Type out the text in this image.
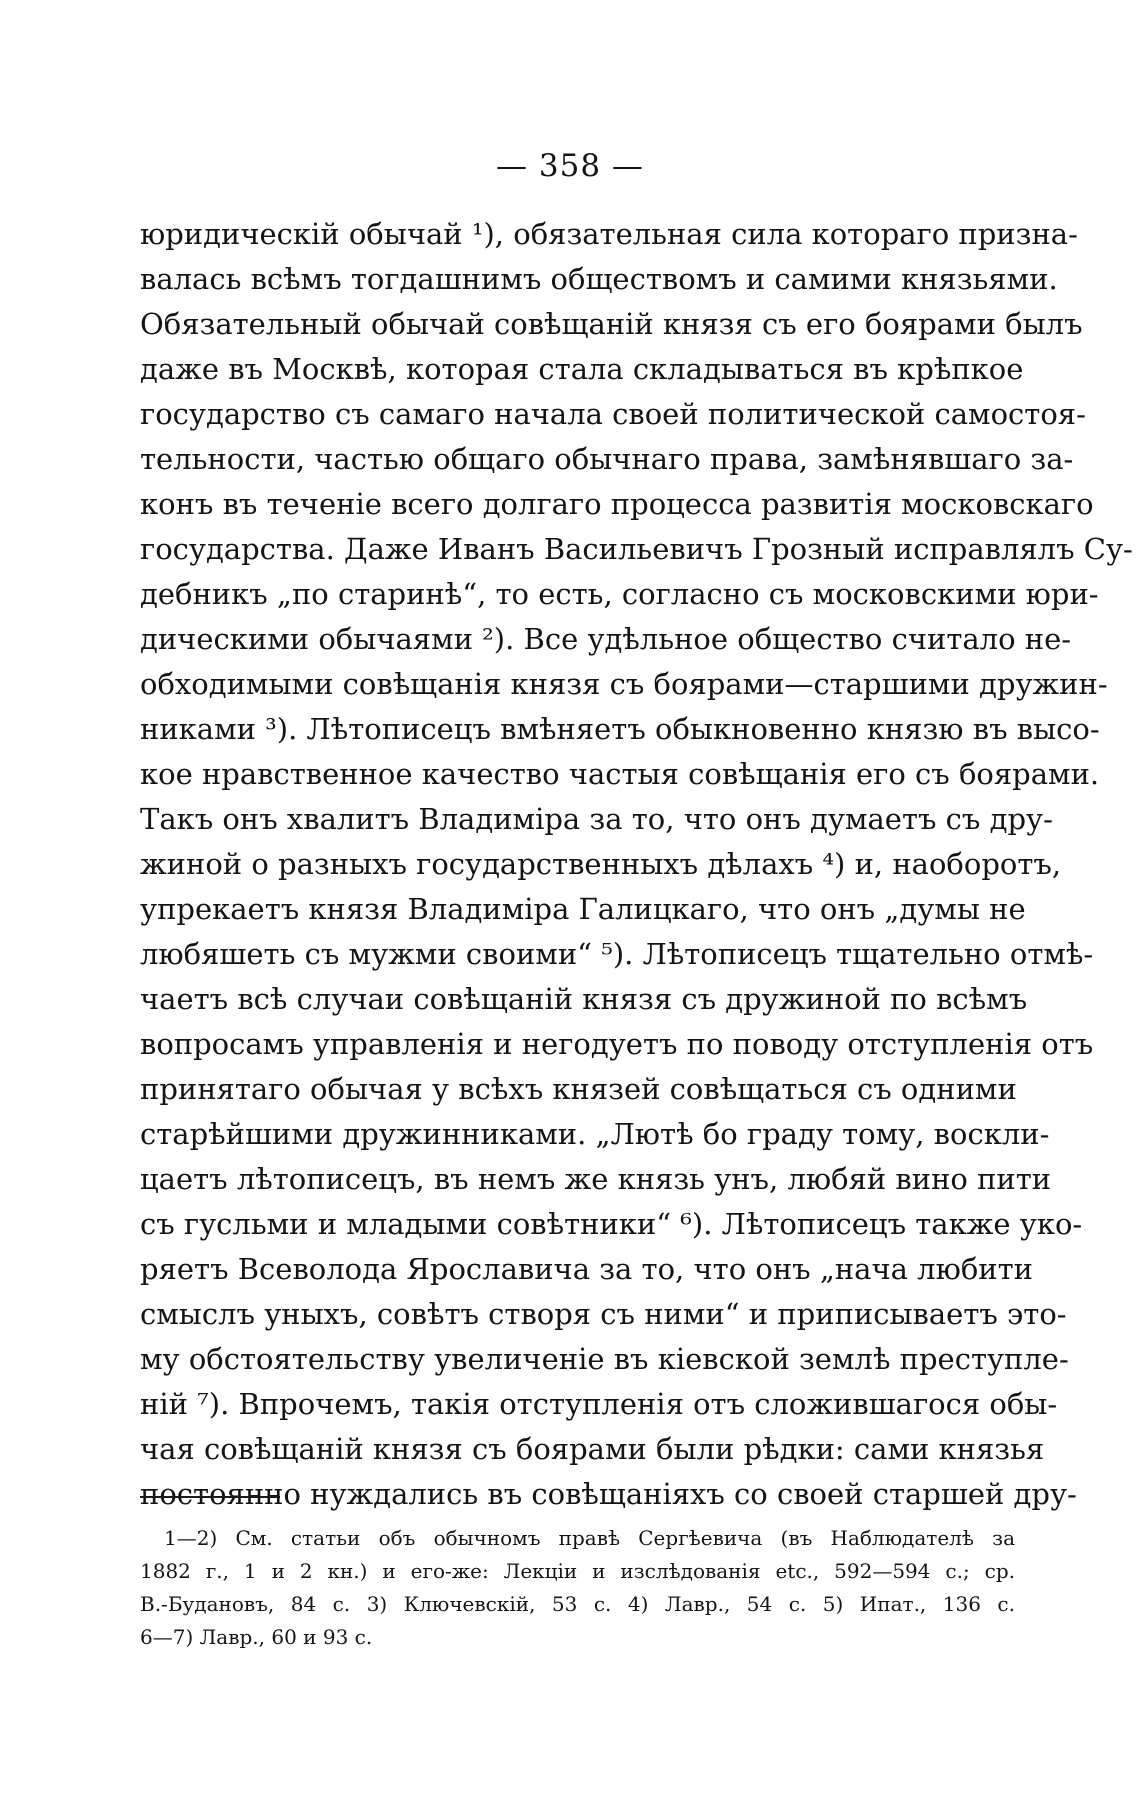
— 358 —
юридическій обычай ¹), обязательная сила котораго призна-
валась всѣмъ тогдашнимъ обществомъ и самими князьями.
Обязательный обычай совѣщаній князя съ его боярами былъ
даже въ Москвѣ, которая стала складываться въ крѣпкое
государство съ самаго начала своей политической самостоя-
тельности, частью общаго обычнаго права, замѣнявшаго за-
конъ въ теченіе всего долгаго процесса развитія московскаго
государства. Даже Иванъ Васильевичъ Грозный исправлялъ Су-
дебникъ „по старинѣ“, то есть, согласно съ московскими юри-
дическими обычаями ²). Все удѣльное общество считало не-
обходимыми совѣщанія князя съ боярами—старшими дружин-
никами ³). Лѣтописецъ вмѣняетъ обыкновенно князю въ высо-
кое нравственное качество частыя совѣщанія его съ боярами.
Такъ онъ хвалитъ Владиміра за то, что онъ думаетъ съ дру-
жиной о разныхъ государственныхъ дѣлахъ ⁴) и, наоборотъ,
упрекаетъ князя Владиміра Галицкаго, что онъ „думы не
любяшеть съ мужми своими“ ⁵). Лѣтописецъ тщательно отмѣ-
чаетъ всѣ случаи совѣщаній князя съ дружиной по всѣмъ
вопросамъ управленія и негодуетъ по поводу отступленія отъ
принятаго обычая у всѣхъ князей совѣщаться съ одними
старѣйшими дружинниками. „Лютѣ бо граду тому, воскли-
цаетъ лѣтописецъ, въ немъ же князь унъ, любяй вино пити
съ гусльми и младыми совѣтники“ ⁶). Лѣтописецъ также уко-
ряетъ Всеволода Ярославича за то, что онъ „нача любити
смыслъ уныхъ, совѣтъ створя съ ними“ и приписываетъ это-
му обстоятельству увеличеніе въ кіевской землѣ преступле-
ній ⁷). Впрочемъ, такія отступленія отъ сложившагося обы-
чая совѣщаній князя съ боярами были рѣдки: сами князья
постоянно нуждались въ совѣщаніяхъ со своей старшей дру-
1—2) См. статьи объ обычномъ правѣ Сергѣевича (въ Наблюдателѣ за
1882 г., 1 и 2 кн.) и его-же: Лекціи и изслѣдованія etc., 592—594 с.; ср.
В.-Будановъ, 84 с. 3) Ключевскій, 53 с. 4) Лавр., 54 с. 5) Ипат., 136 с.
6—7) Лавр., 60 и 93 с.
